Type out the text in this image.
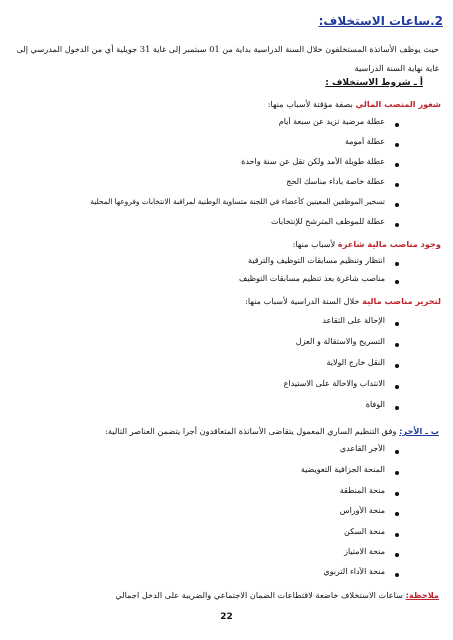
2.ساعات الاستخلاف:
حيث يوظف الأساتذة المستخلفون خلال السنة الدراسية بداية من 01 سبتمبر إلى غاية 31 جويلية أي من الدخول المدرسي إلى غاية نهاية السنة الدراسية
أ ـ شروط الاستخلاف :
شغور المنصب المالي بصفة مؤقتة لأسباب منها:
عطلة مرضية تزيد عن سبعة أيام
عطلة أمومة
عطلة طويلة الأمد ولكن تقل عن سنة واحدة
عطلة خاصة بأداء مناسك الحج
تسخير الموظفين المعينين كأعضاء في اللجنة متساوية الوطنية لمراقبة الانتخابات وفروعها المحلية
عطلة للموظف المترشح للإنتخابات
وجود مناصب مالية شاغرة لأسباب منها:
انتظار وتنظيم مسابقات التوظيف والترقية
مناصب شاغرة بعد تنظيم مسابقات التوظيف
لتحرير مناصب مالية خلال السنة الدراسية لأسباب منها:
الإحالة على التقاعد
التسريح والاستقالة و العزل
النقل خارج الولاية
الانتداب والاحالة على الاستيداع
الوفاة
ب ـ الأجر: وفق التنظيم الساري المعمول يتقاضى الأساتذة المتعاقدون أجرا يتضمن العناصر التالية:
الأجر القاعدي
المنحة الجزافية التعويضية
منحة المنطقة
منحة الأوراس
منحة السكن
منحة الامتياز
منحة الأداء التربوي
ملاحظة: ساعات الاستخلاف خاضعة لاقتطاعات الضمان الاجتماعي والضريبة على الدخل اجمالي
22
